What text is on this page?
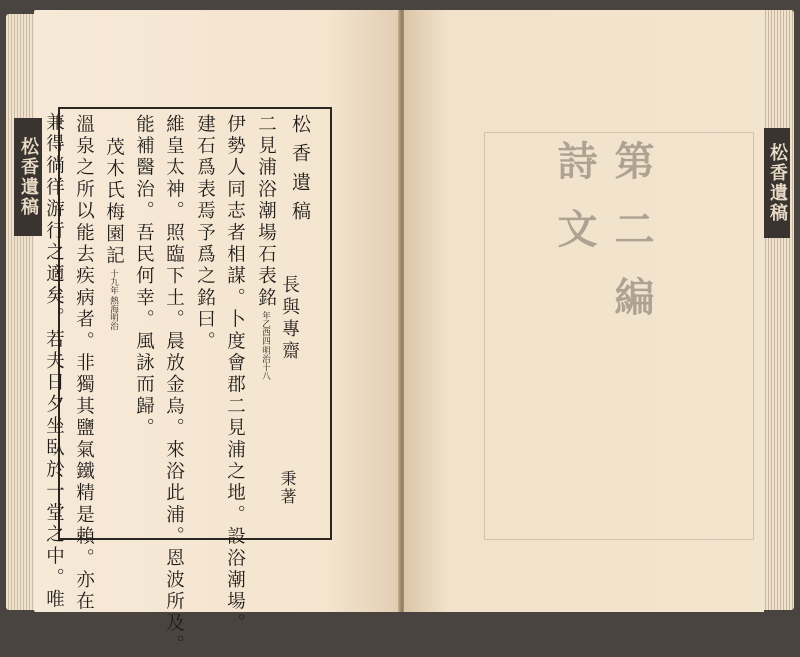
松香遺稿	松香遺稿
松香遺稿
二見浦浴潮場石表銘
明治十八
年乙酉四
伊勢人同志者相謀。卜度會郡二見浦之地。設浴潮場。
建石爲表焉予爲之銘曰。
維皇太神。照臨下土。晨放金烏。來浴此浦。恩波所及。
能補醫治。吾民何幸。風詠而歸。
茂木氏梅園記
熱海明治
十九年
溫泉之所以能去疾病者。非獨其鹽氣鐵精是賴。亦在
兼得徜徉游行之適矣。若夫日夕坐臥於一堂之中。唯	長與專齋
秉著
第二編　詩文
